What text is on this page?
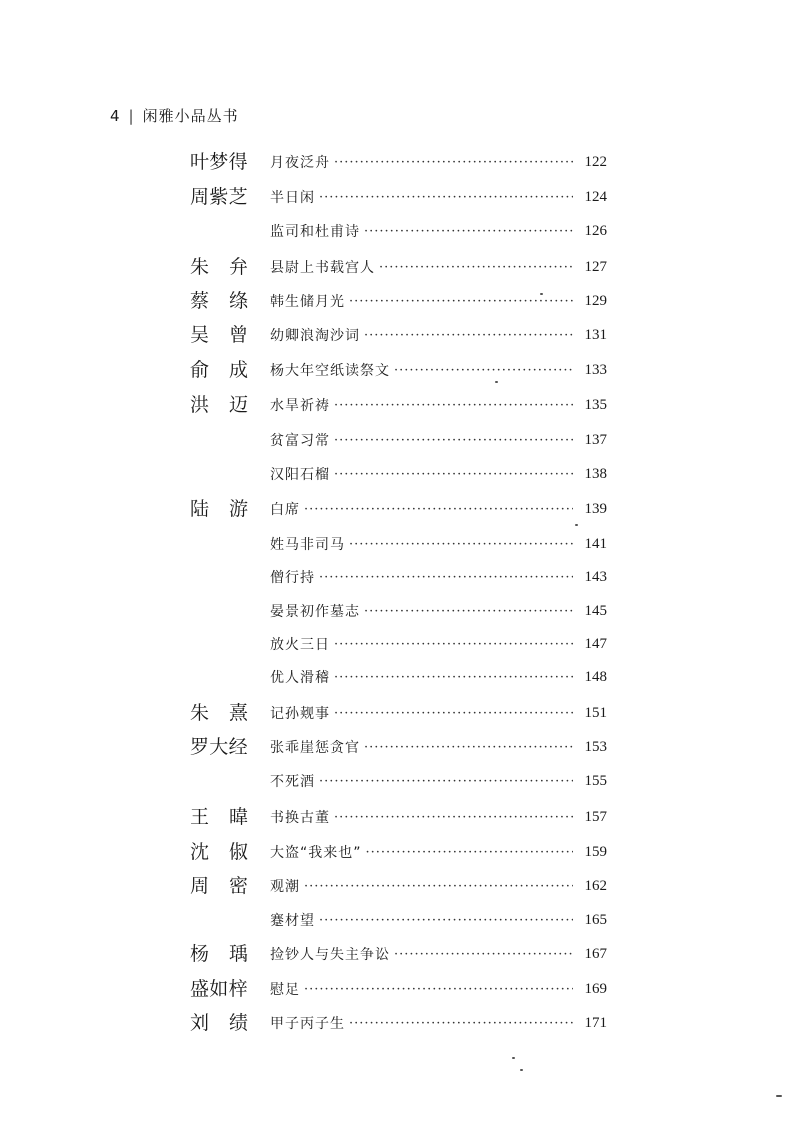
4 | 闲雅小品丛书
叶 梦 得 月夜泛舟 ·····	122
周 紫 芝 半日闲 ·····	124
监司和杜甫诗 ·····	126
朱 弁 县尉上书载宫人 ·····	127
蔡 绦 韩生储月光 ·····	129
吴 曾 幼卿浪淘沙词 ·····	131
俞 成 杨大年空纸读祭文 ·····	133
洪 迈 水旱祈祷 ·····	135
贫富习常 ·····	137
汉阳石榴 ·····	138
陆 游 白席 ·····	139
姓马非司马 ·····	141
僧行持 ·····	143
晏景初作墓志 ·····	145
放火三日 ·····	147
优人滑稽 ·····	148
朱 熹 记孙觌事 ·····	151
罗 大 经 张乖崖惩贪官 ·····	153
不死酒 ·····	155
王 暐 书换古董 ·····	157
沈 俶 大盗“我来也” ·····	159
周 密 观潮 ·····	162
蹇材望 ·····	165
杨 瑀 捡钞人与失主争讼 ·····	167
盛 如 梓 慰足 ·····	169
刘 绩 甲子丙子生 ·····	171
